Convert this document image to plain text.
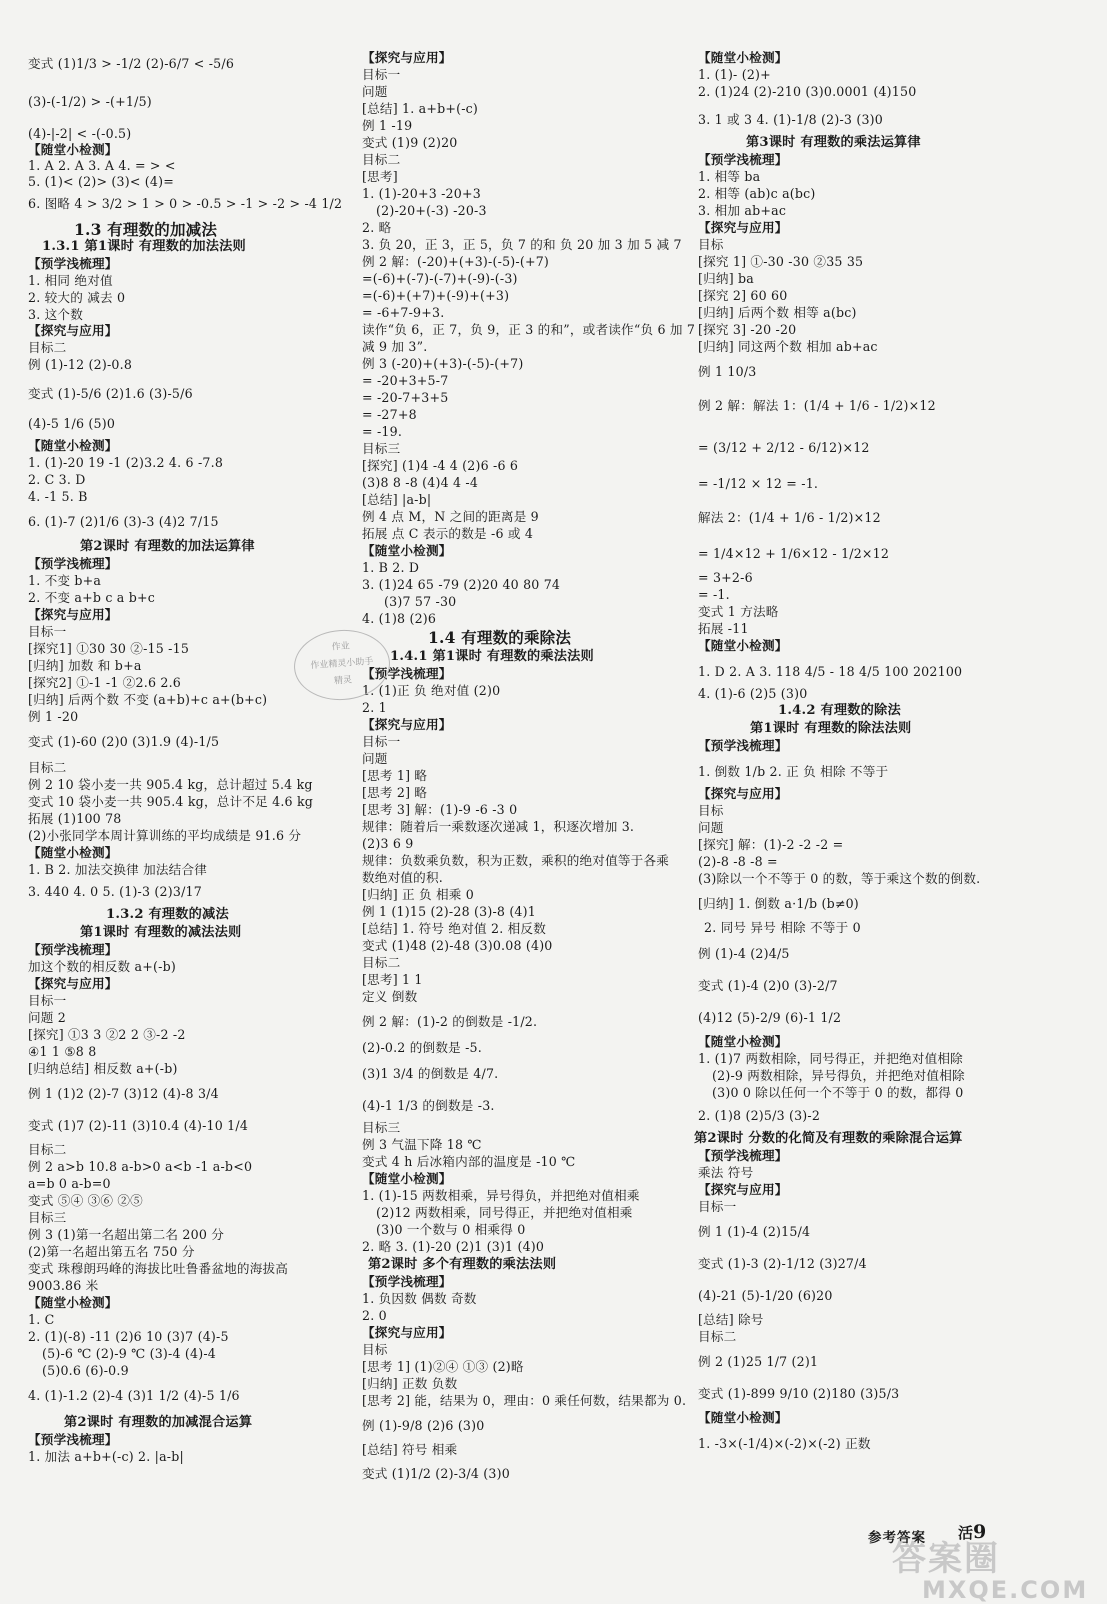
变式 (1)1/3 > -1/2 (2)-6/7 < -5/6
(3)-(-1/2) > -(+1/5)
(4)-|-2| < -(-0.5)
【随堂小检测】
1. A 2. A 3. A 4. = > <
5. (1)< (2)> (3)< (4)=
6. 图略 4 > 3/2 > 1 > 0 > -0.5 > -1 > -2 > -4 1/2
1.3 有理数的加减法
1.3.1 第1课时 有理数的加法法则
【预学浅梳理】
1. 相同 绝对值
2. 较大的 减去 0
3. 这个数
【探究与应用】
目标二
例 (1)-12 (2)-0.8
变式 (1)-5/6 (2)1.6 (3)-5/6
(4)-5 1/6 (5)0
【随堂小检测】
1. (1)-20 19 -1 (2)3.2 4. 6 -7.8
2. C 3. D
4. -1 5. B
6. (1)-7 (2)1/6 (3)-3 (4)2 7/15
第2课时 有理数的加法运算律
【预学浅梳理】
1. 不变 b+a
2. 不变 a+b c a b+c
【探究与应用】
目标一
[探究1] ①30 30 ②-15 -15
[归纳] 加数 和 b+a
[探究2] ①-1 -1 ②2.6 2.6
[归纳] 后两个数 不变 (a+b)+c a+(b+c)
例 1 -20
变式 (1)-60 (2)0 (3)1.9 (4)-1/5
目标二
例 2 10 袋小麦一共 905.4 kg，总计超过 5.4 kg
变式 10 袋小麦一共 905.4 kg，总计不足 4.6 kg
拓展 (1)100 78
(2)小张同学本周计算训练的平均成绩是 91.6 分
【随堂小检测】
1. B 2. 加法交换律 加法结合律
3. 440 4. 0 5. (1)-3 (2)3/17
1.3.2 有理数的减法
第1课时 有理数的减法法则
【预学浅梳理】
加这个数的相反数 a+(-b)
【探究与应用】
目标一
问题 2
[探究] ①3 3 ②2 2 ③-2 -2
④1 1 ⑤8 8
[归纳总结] 相反数 a+(-b)
例 1 (1)2 (2)-7 (3)12 (4)-8 3/4
变式 (1)7 (2)-11 (3)10.4 (4)-10 1/4
目标二
例 2 a>b 10.8 a-b>0 a<b -1 a-b<0
a=b 0 a-b=0
变式 ⑤④ ③⑥ ②⑤
目标三
例 3 (1)第一名超出第二名 200 分
(2)第一名超出第五名 750 分
变式 珠穆朗玛峰的海拔比吐鲁番盆地的海拔高
9003.86 米
【随堂小检测】
1. C
2. (1)(-8) -11 (2)6 10 (3)7 (4)-5
(5)-6 ℃ (2)-9 ℃ (3)-4 (4)-4
(5)0.6 (6)-0.9
4. (1)-1.2 (2)-4 (3)1 1/2 (4)-5 1/6
第2课时 有理数的加减混合运算
【预学浅梳理】
1. 加法 a+b+(-c) 2. |a-b|
【探究与应用】
目标一
问题
[总结] 1. a+b+(-c)
例 1 -19
变式 (1)9 (2)20
目标二
[思考]
1. (1)-20+3 -20+3
(2)-20+(-3) -20-3
2. 略
3. 负 20，正 3，正 5，负 7 的和 负 20 加 3 加 5 减 7
例 2 解：(-20)+(+3)-(-5)-(+7)
=(-6)+(-7)-(-7)+(-9)-(-3)
=(-6)+(+7)+(-9)+(+3)
= -6+7-9+3.
读作“负 6，正 7，负 9，正 3 的和”，或者读作“负 6 加 7
减 9 加 3”.
例 3 (-20)+(+3)-(-5)-(+7)
= -20+3+5-7
= -20-7+3+5
= -27+8
= -19.
目标三
[探究] (1)4 -4 4 (2)6 -6 6
(3)8 8 -8 (4)4 4 -4
[总结] |a-b|
例 4 点 M，N 之间的距离是 9
拓展 点 C 表示的数是 -6 或 4
【随堂小检测】
1. B 2. D
3. (1)24 65 -79 (2)20 40 80 74
(3)7 57 -30
4. (1)8 (2)6
1.4 有理数的乘除法
1.4.1 第1课时 有理数的乘法法则
【预学浅梳理】
1. (1)正 负 绝对值 (2)0
2. 1
【探究与应用】
目标一
问题
[思考 1] 略
[思考 2] 略
[思考 3] 解：(1)-9 -6 -3 0
规律：随着后一乘数逐次递减 1，积逐次增加 3.
(2)3 6 9
规律：负数乘负数，积为正数，乘积的绝对值等于各乘
数绝对值的积.
[归纳] 正 负 相乘 0
例 1 (1)15 (2)-28 (3)-8 (4)1
[总结] 1. 符号 绝对值 2. 相反数
变式 (1)48 (2)-48 (3)0.08 (4)0
目标二
[思考] 1 1
定义 倒数
例 2 解：(1)-2 的倒数是 -1/2.
(2)-0.2 的倒数是 -5.
(3)1 3/4 的倒数是 4/7.
(4)-1 1/3 的倒数是 -3.
目标三
例 3 气温下降 18 ℃
变式 4 h 后冰箱内部的温度是 -10 ℃
【随堂小检测】
1. (1)-15 两数相乘，异号得负，并把绝对值相乘
(2)12 两数相乘，同号得正，并把绝对值相乘
(3)0 一个数与 0 相乘得 0
2. 略 3. (1)-20 (2)1 (3)1 (4)0
第2课时 多个有理数的乘法法则
【预学浅梳理】
1. 负因数 偶数 奇数
2. 0
【探究与应用】
目标
[思考 1] (1)②④ ①③ (2)略
[归纳] 正数 负数
[思考 2] 能，结果为 0，理由：0 乘任何数，结果都为 0.
例 (1)-9/8 (2)6 (3)0
[总结] 符号 相乘
变式 (1)1/2 (2)-3/4 (3)0
【随堂小检测】
1. (1)- (2)+
2. (1)24 (2)-210 (3)0.0001 (4)150
3. 1 或 3 4. (1)-1/8 (2)-3 (3)0
第3课时 有理数的乘法运算律
【预学浅梳理】
1. 相等 ba
2. 相等 (ab)c a(bc)
3. 相加 ab+ac
【探究与应用】
目标
[探究 1] ①-30 -30 ②35 35
[归纳] ba
[探究 2] 60 60
[归纳] 后两个数 相等 a(bc)
[探究 3] -20 -20
[归纳] 同这两个数 相加 ab+ac
例 1 10/3
例 2 解：解法 1：(1/4 + 1/6 - 1/2)×12
= (3/12 + 2/12 - 6/12)×12
= -1/12 × 12 = -1.
解法 2：(1/4 + 1/6 - 1/2)×12
= 1/4×12 + 1/6×12 - 1/2×12
= 3+2-6
= -1.
变式 1 方法略
拓展 -11
【随堂小检测】
1. D 2. A 3. 118 4/5 - 18 4/5 100 202100
4. (1)-6 (2)5 (3)0
1.4.2 有理数的除法
第1课时 有理数的除法法则
【预学浅梳理】
1. 倒数 1/b 2. 正 负 相除 不等于
【探究与应用】
目标
问题
[探究] 解：(1)-2 -2 -2 =
(2)-8 -8 -8 =
(3)除以一个不等于 0 的数，等于乘这个数的倒数.
[归纳] 1. 倒数 a·1/b (b≠0)
2. 同号 异号 相除 不等于 0
例 (1)-4 (2)4/5
变式 (1)-4 (2)0 (3)-2/7
(4)12 (5)-2/9 (6)-1 1/2
【随堂小检测】
1. (1)7 两数相除，同号得正，并把绝对值相除
(2)-9 两数相除，异号得负，并把绝对值相除
(3)0 0 除以任何一个不等于 0 的数，都得 0
2. (1)8 (2)5/3 (3)-2
第2课时 分数的化简及有理数的乘除混合运算
【预学浅梳理】
乘法 符号
【探究与应用】
目标一
例 1 (1)-4 (2)15/4
变式 (1)-3 (2)-1/12 (3)27/4
(4)-21 (5)-1/20 (6)20
[总结] 除号
目标二
例 2 (1)25 1/7 (2)1
变式 (1)-899 9/10 (2)180 (3)5/3
【随堂小检测】
1. -3×(-1/4)×(-2)×(-2) 正数
作业
作业精灵小助手
精灵
参考答案 活9
答案圈
MXQE.COM
